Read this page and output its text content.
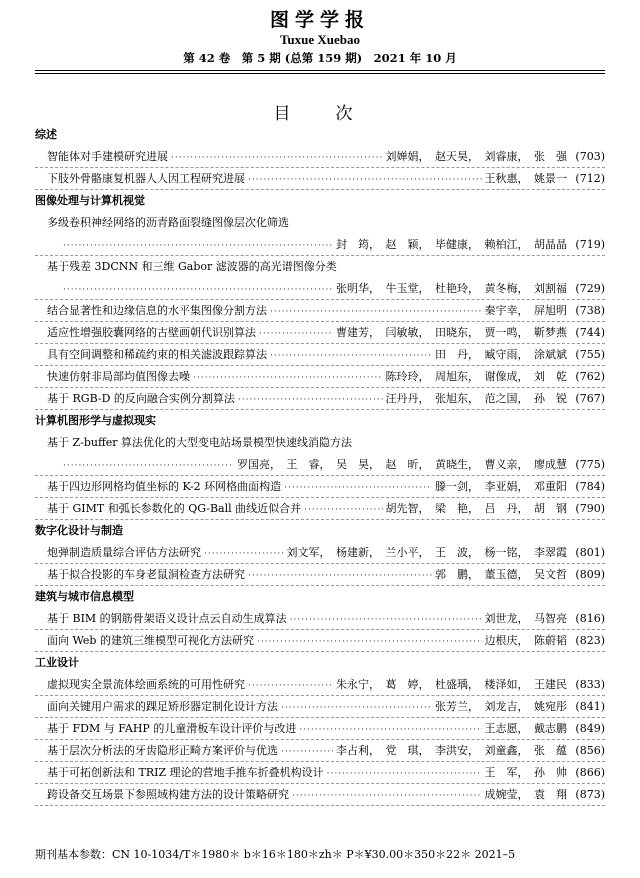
图学学报
Tuxue Xuebao
第 42 卷　第 5 期 (总第 159 期)　2021 年 10 月
目　次
综述
智能体对手建模研究进展 ·····	刘婵娟，　赵天昊，　刘睿康，　张　强 (703)
下肢外骨骼康复机器人人因工程研究进展 ·····	王秋惠，　姚景一 (712)
图像处理与计算机视觉
多级卷积神经网络的沥青路面裂缝图像层次化筛选
·····
封　筠，　赵　颖，　毕健康，　赖柏江，　胡晶晶 (719)
基于残差 3DCNN 和三维 Gabor 滤波器的高光谱图像分类
·····
张明华，　牛玉堂，　杜艳玲，　黄冬梅，　刘割福 (729)
结合显著性和边缘信息的水平集图像分割方法 ·····	秦宇幸，　屏旭明 (738)
适应性增强胶囊网络的古壁画朝代识别算法 ·····	曹建芳，　闫敏敏，　田晓东，　贾一鸣，　靳梦燕 (744)
具有空间调整和稀疏约束的相关滤波跟踪算法 ·····	田　丹，　臧守雨，　涂斌斌 (755)
快速仿射非局部均值图像去噪 ·····	陈玲玲，　周旭东，　谢像成，　刘　乾 (762)
基于 RGB-D 的反向融合实例分割算法 ·····	汪丹丹，　张旭东，　范之国，　孙　锐 (767)
计算机图形学与虚拟现实
基于 Z-buffer 算法优化的大型变电站场景模型快速线消隐方法
·····
罗国亮，　王　睿，　吴　昊，　赵　昕，　黄晓生，　曹义亲，　廖成慧 (775)
基于四边形网格均值坐标的 K-2 环网格曲面构造 ·····	滕一剑，　李亚娟，　邓重阳 (784)
基于 GIMT 和弧长参数化的 QG-Ball 曲线近似合并 ·····	胡先智，　梁　艳，　吕　丹，　胡　钢 (790)
数字化设计与制造
炮弹制造质量综合评估方法研究 ·····	刘文军，　杨建新，　兰小平，　王　波，　杨一铭，　李翠霞 (801)
基于拟合投影的车身老鼠洞检查方法研究 ·····	郭　鹏，　董玉德，　吴文哲 (809)
建筑与城市信息模型
基于 BIM 的钢筋骨架语义设计点云自动生成算法 ·····	刘世龙，　马智亮 (816)
面向 Web 的建筑三维模型可视化方法研究 ·····	边根庆，　陈蔚韬 (823)
工业设计
虚拟现实全景流体绘画系统的可用性研究 ·····	朱永宁，　葛　婷，　杜盛瑀，　楼泽如，　王建民 (833)
面向关键用户需求的踝足矫形器定制化设计方法 ·····	张芳兰，　刘龙吉，　姚宛彤 (841)
基于 FDM 与 FAHP 的儿童滑板车设计评价与改进 ·····	王志愿，　戴志鹏 (849)
基于层次分析法的牙齿隐形正畸方案评价与优选 ·····	李占利，　党　琪，　李洪安，　刘童鑫，　张　蕴 (856)
基于可拓创新法和 TRIZ 理论的营地手推车折叠机构设计 ·····	王　军，　孙　帅 (866)
跨设备交互场景下参照域构建方法的设计策略研究 ·····	成婉莹，　袁　翔 (873)
期刊基本参数：CN 10-1034/T＊1980＊ b＊16＊180＊zh＊ P＊¥30.00＊350＊22＊ 2021–5
